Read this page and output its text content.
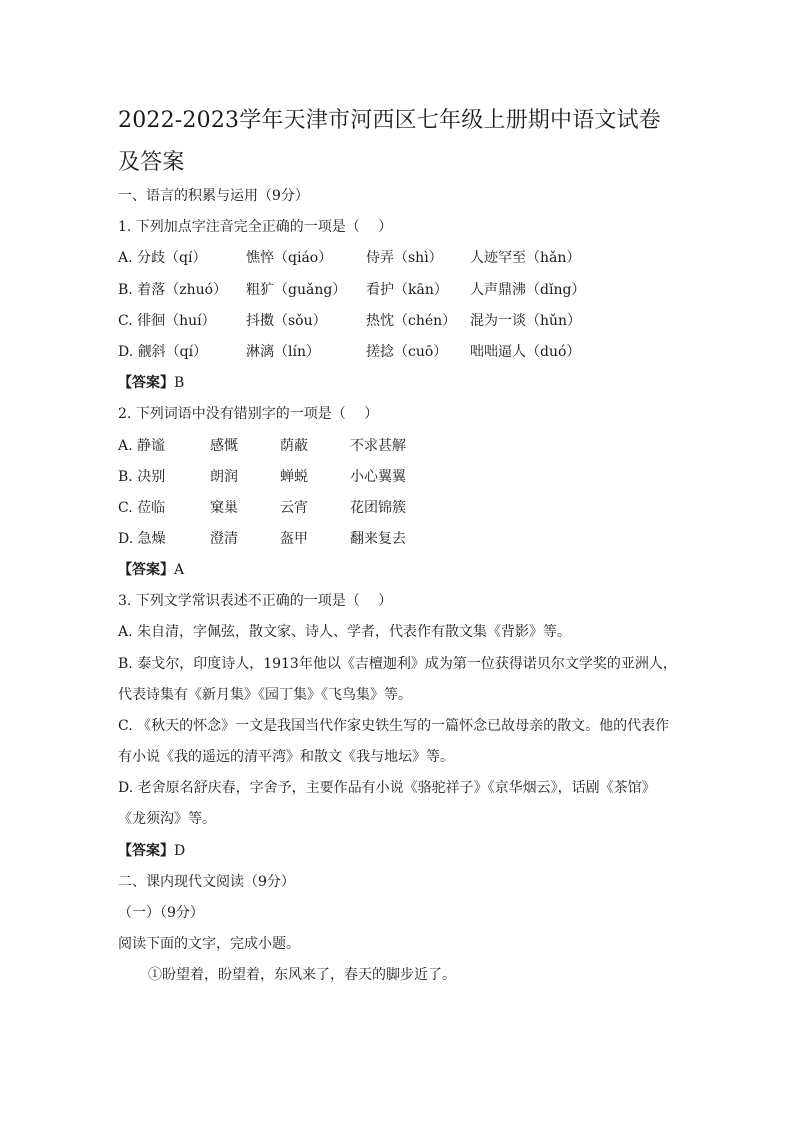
2022-2023学年天津市河西区七年级上册期中语文试卷及答案
一、语言的积累与运用（9分）
1. 下列加点字注音完全正确的一项是（　 ）
A. 分歧（qí）	憔悴（qiáo） 侍弄（shì） 人迹罕至（hǎn）
B. 着落（zhuó） 粗犷（guǎng） 看护（kān） 人声鼎沸（dǐng）
C. 徘徊（huí） 抖擞（sǒu）	热忱（chén） 混为一谈（hǔn）
D. 觎斜（qí）	淋漓（lín）	搓捻（cuō） 咄咄逼人（duó）
【答案】B
2. 下列词语中没有错别字的一项是（　 ）
A. 静谧	感慨	荫蔽	不求甚解
B. 决别	朗润	蝉蜕	小心翼翼
C. 莅临	窠巢	云宵	花团锦簇
D. 急燥	澄清	盔甲	翻来复去
【答案】A
3. 下列文学常识表述不正确的一项是（　 ）
A. 朱自清，字佩弦，散文家、诗人、学者，代表作有散文集《背影》等。
B. 泰戈尔，印度诗人，1913年他以《吉檀迦利》成为第一位获得诺贝尔文学奖的亚洲人，
代表诗集有《新月集》《园丁集》《飞鸟集》等。
C. 《秋天的怀念》一文是我国当代作家史铁生写的一篇怀念已故母亲的散文。他的代表作
有小说《我的遥远的清平湾》和散文《我与地坛》等。
D. 老舍原名舒庆春，字舍予，主要作品有小说《骆驼祥子》《京华烟云》，话剧《茶馆》
《龙须沟》等。
【答案】D
二、课内现代文阅读（9分）
（一）（9分）
阅读下面的文字，完成小题。
①盼望着，盼望着，东风来了，春天的脚步近了。
